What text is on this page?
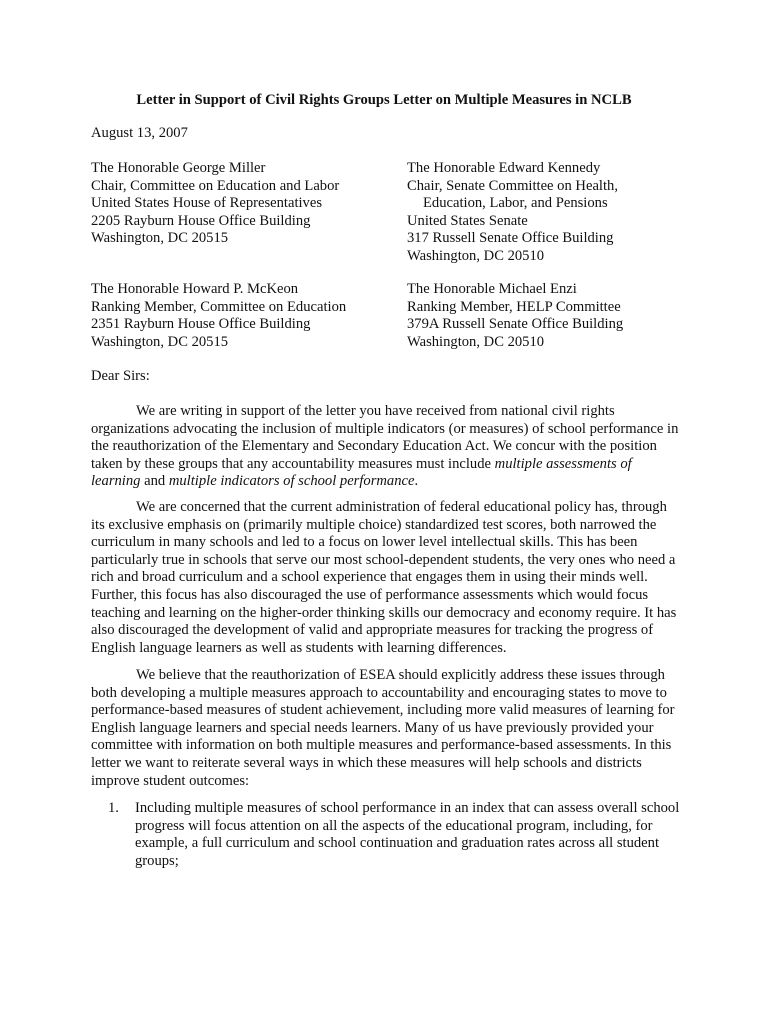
Letter in Support of Civil Rights Groups Letter on Multiple Measures in NCLB
August 13, 2007
The Honorable George Miller
Chair, Committee on Education and Labor
United States House of Representatives
2205 Rayburn House Office Building
Washington, DC 20515
The Honorable Edward Kennedy
Chair, Senate Committee on Health,
Education, Labor, and Pensions
United States Senate
317 Russell Senate Office Building
Washington, DC 20510
The Honorable Howard P. McKeon
Ranking Member, Committee on Education
2351 Rayburn House Office Building
Washington, DC 20515
The Honorable Michael Enzi
Ranking Member, HELP Committee
379A Russell Senate Office Building
Washington, DC 20510
Dear Sirs:

We are writing in support of the letter you have received from national civil rights organizations advocating the inclusion of multiple indicators (or measures) of school performance in the reauthorization of the Elementary and Secondary Education Act. We concur with the position taken by these groups that any accountability measures must include multiple assessments of learning and multiple indicators of school performance.

We are concerned that the current administration of federal educational policy has, through its exclusive emphasis on (primarily multiple choice) standardized test scores, both narrowed the curriculum in many schools and led to a focus on lower level intellectual skills. This has been particularly true in schools that serve our most school-dependent students, the very ones who need a rich and broad curriculum and a school experience that engages them in using their minds well. Further, this focus has also discouraged the use of performance assessments which would focus teaching and learning on the higher-order thinking skills our democracy and economy require. It has also discouraged the development of valid and appropriate measures for tracking the progress of English language learners as well as students with learning differences.

We believe that the reauthorization of ESEA should explicitly address these issues through both developing a multiple measures approach to accountability and encouraging states to move to performance-based measures of student achievement, including more valid measures of learning for English language learners and special needs learners. Many of us have previously provided your committee with information on both multiple measures and performance-based assessments. In this letter we want to reiterate several ways in which these measures will help schools and districts improve student outcomes:

1. Including multiple measures of school performance in an index that can assess overall school progress will focus attention on all the aspects of the educational program, including, for example, a full curriculum and school continuation and graduation rates across all student groups;
